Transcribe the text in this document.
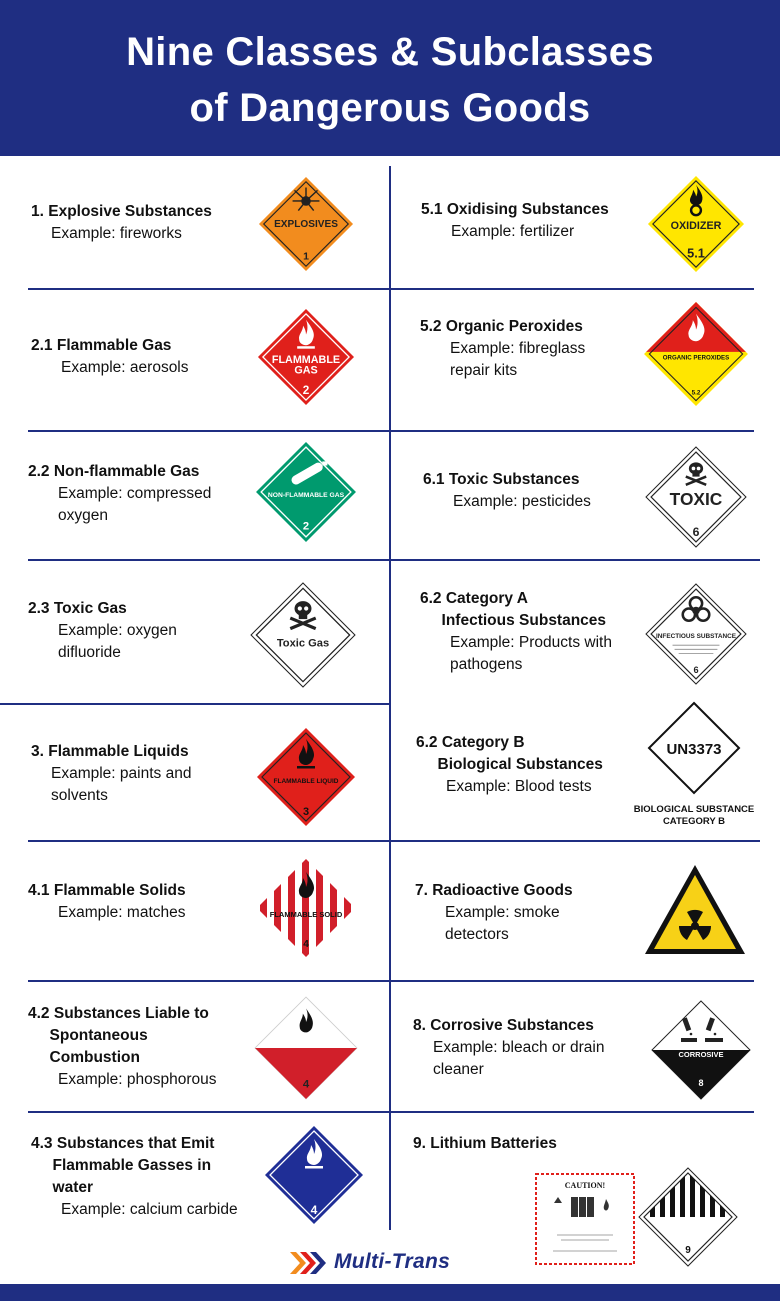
Nine Classes & Subclasses
of Dangerous Goods
1. Explosive Substances
Example: fireworks
2.1 Flammable Gas
Example: aerosols
2.2 Non-flammable Gas
Example: compressed
oxygen
2.3 Toxic Gas
Example: oxygen
difluoride
3. Flammable Liquids
Example: paints and
solvents
4.1 Flammable Solids
Example: matches
4.2 Substances Liable to
Spontaneous
Combustion
Example: phosphorous
4.3 Substances that Emit
Flammable Gasses in
water
Example: calcium carbide
5.1 Oxidising Substances
Example: fertilizer
5.2 Organic Peroxides
Example: fibreglass
repair kits
6.1 Toxic Substances
Example: pesticides
6.2 Category A
Infectious Substances
Example: Products with
pathogens
6.2 Category B
Biological Substances
Example: Blood tests
7. Radioactive Goods
Example: smoke
detectors
8. Corrosive Substances
Example: bleach or drain
cleaner
9. Lithium Batteries
EXPLOSIVES
1
FLAMMABLE
GAS
2
NON-FLAMMABLE GAS
2
Toxic Gas
FLAMMABLE LIQUID
3
FLAMMABLE SOLID
4
4
4
OXIDIZER
5.1
ORGANIC PEROXIDES
5.2
TOXIC
6
INFECTIOUS SUBSTANCE
6
UN3373
BIOLOGICAL SUBSTANCE
CATEGORY B
CORROSIVE
8
CAUTION!
9
Multi-Trans
